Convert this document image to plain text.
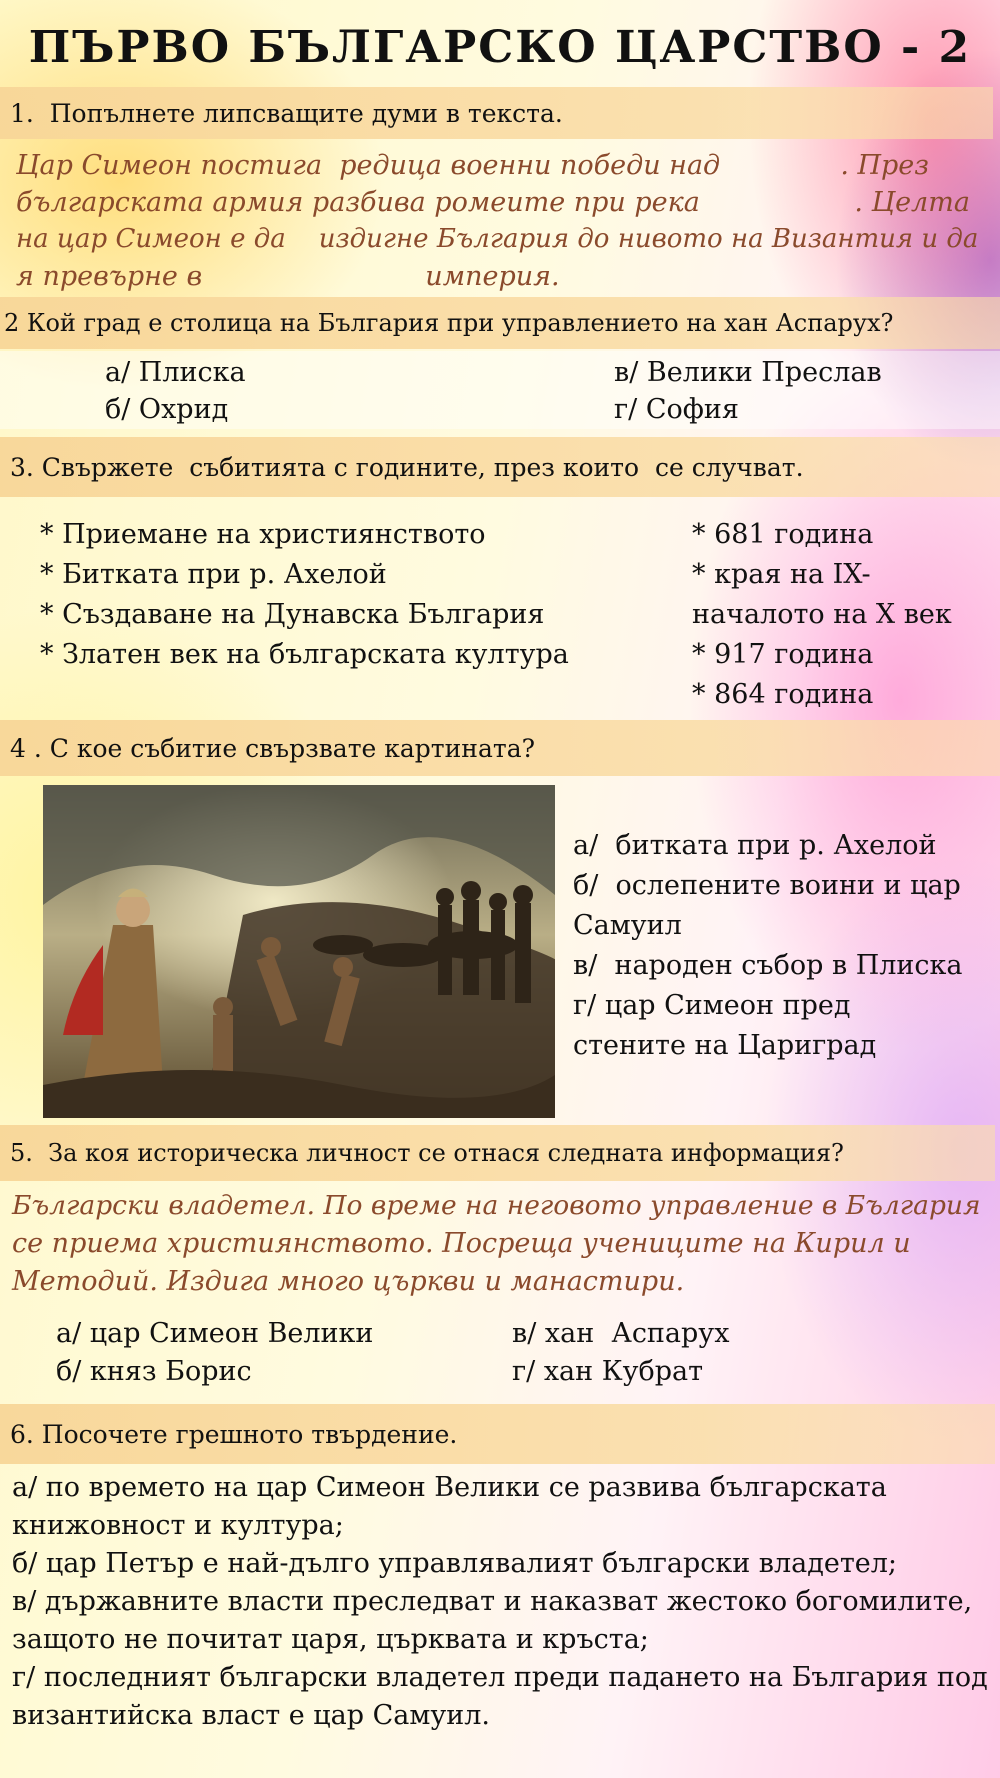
ПЪРВО БЪЛГАРСКО ЦАРСТВО - 2
1.  Попълнете липсващите думи в текста.
Цар Симеон постига  редица военни победи над              . През
българската армия разбива ромеите при река                  . Целта
на цар Симеон е да    издигне България до нивото на Византия и да
я превърне в                          империя.
2 Кой град е столица на България при управлението на хан Аспарух?
а/ Плиска
б/ Охрид
в/ Велики Преслав
г/ София
3. Свържете  събитията с годините, през които  се случват.
* Приемане на християнството
* Битката при р. Ахелой
* Създаване на Дунавска България
* Златен век на българската култура
* 681 година
* края на IX-
началото на X век
* 917 година
* 864 година
4 . С кое събитие свързвате картината?
а/  битката при р. Ахелой
б/  ослепените воини и цар
Самуил
в/  народен събор в Плиска
г/ цар Симеон пред
стените на Цариград
5.  За коя историческа личност се отнася следната информация?
Български владетел. По време на неговото управление в България
се приема християнството. Посреща учениците на Кирил и
Методий. Издига много църкви и манастири.
а/ цар Симеон Велики
б/ княз Борис
в/ хан  Аспарух
г/ хан Кубрат
6. Посочете грешното твърдение.
а/ по времето на цар Симеон Велики се развива българската
книжовност и култура;
б/ цар Петър е най-дълго управлявалият български владетел;
в/ държавните власти преследват и наказват жестоко богомилите,
защото не почитат царя, църквата и кръста;
г/ последният български владетел преди падането на България под
византийска власт е цар Самуил.
